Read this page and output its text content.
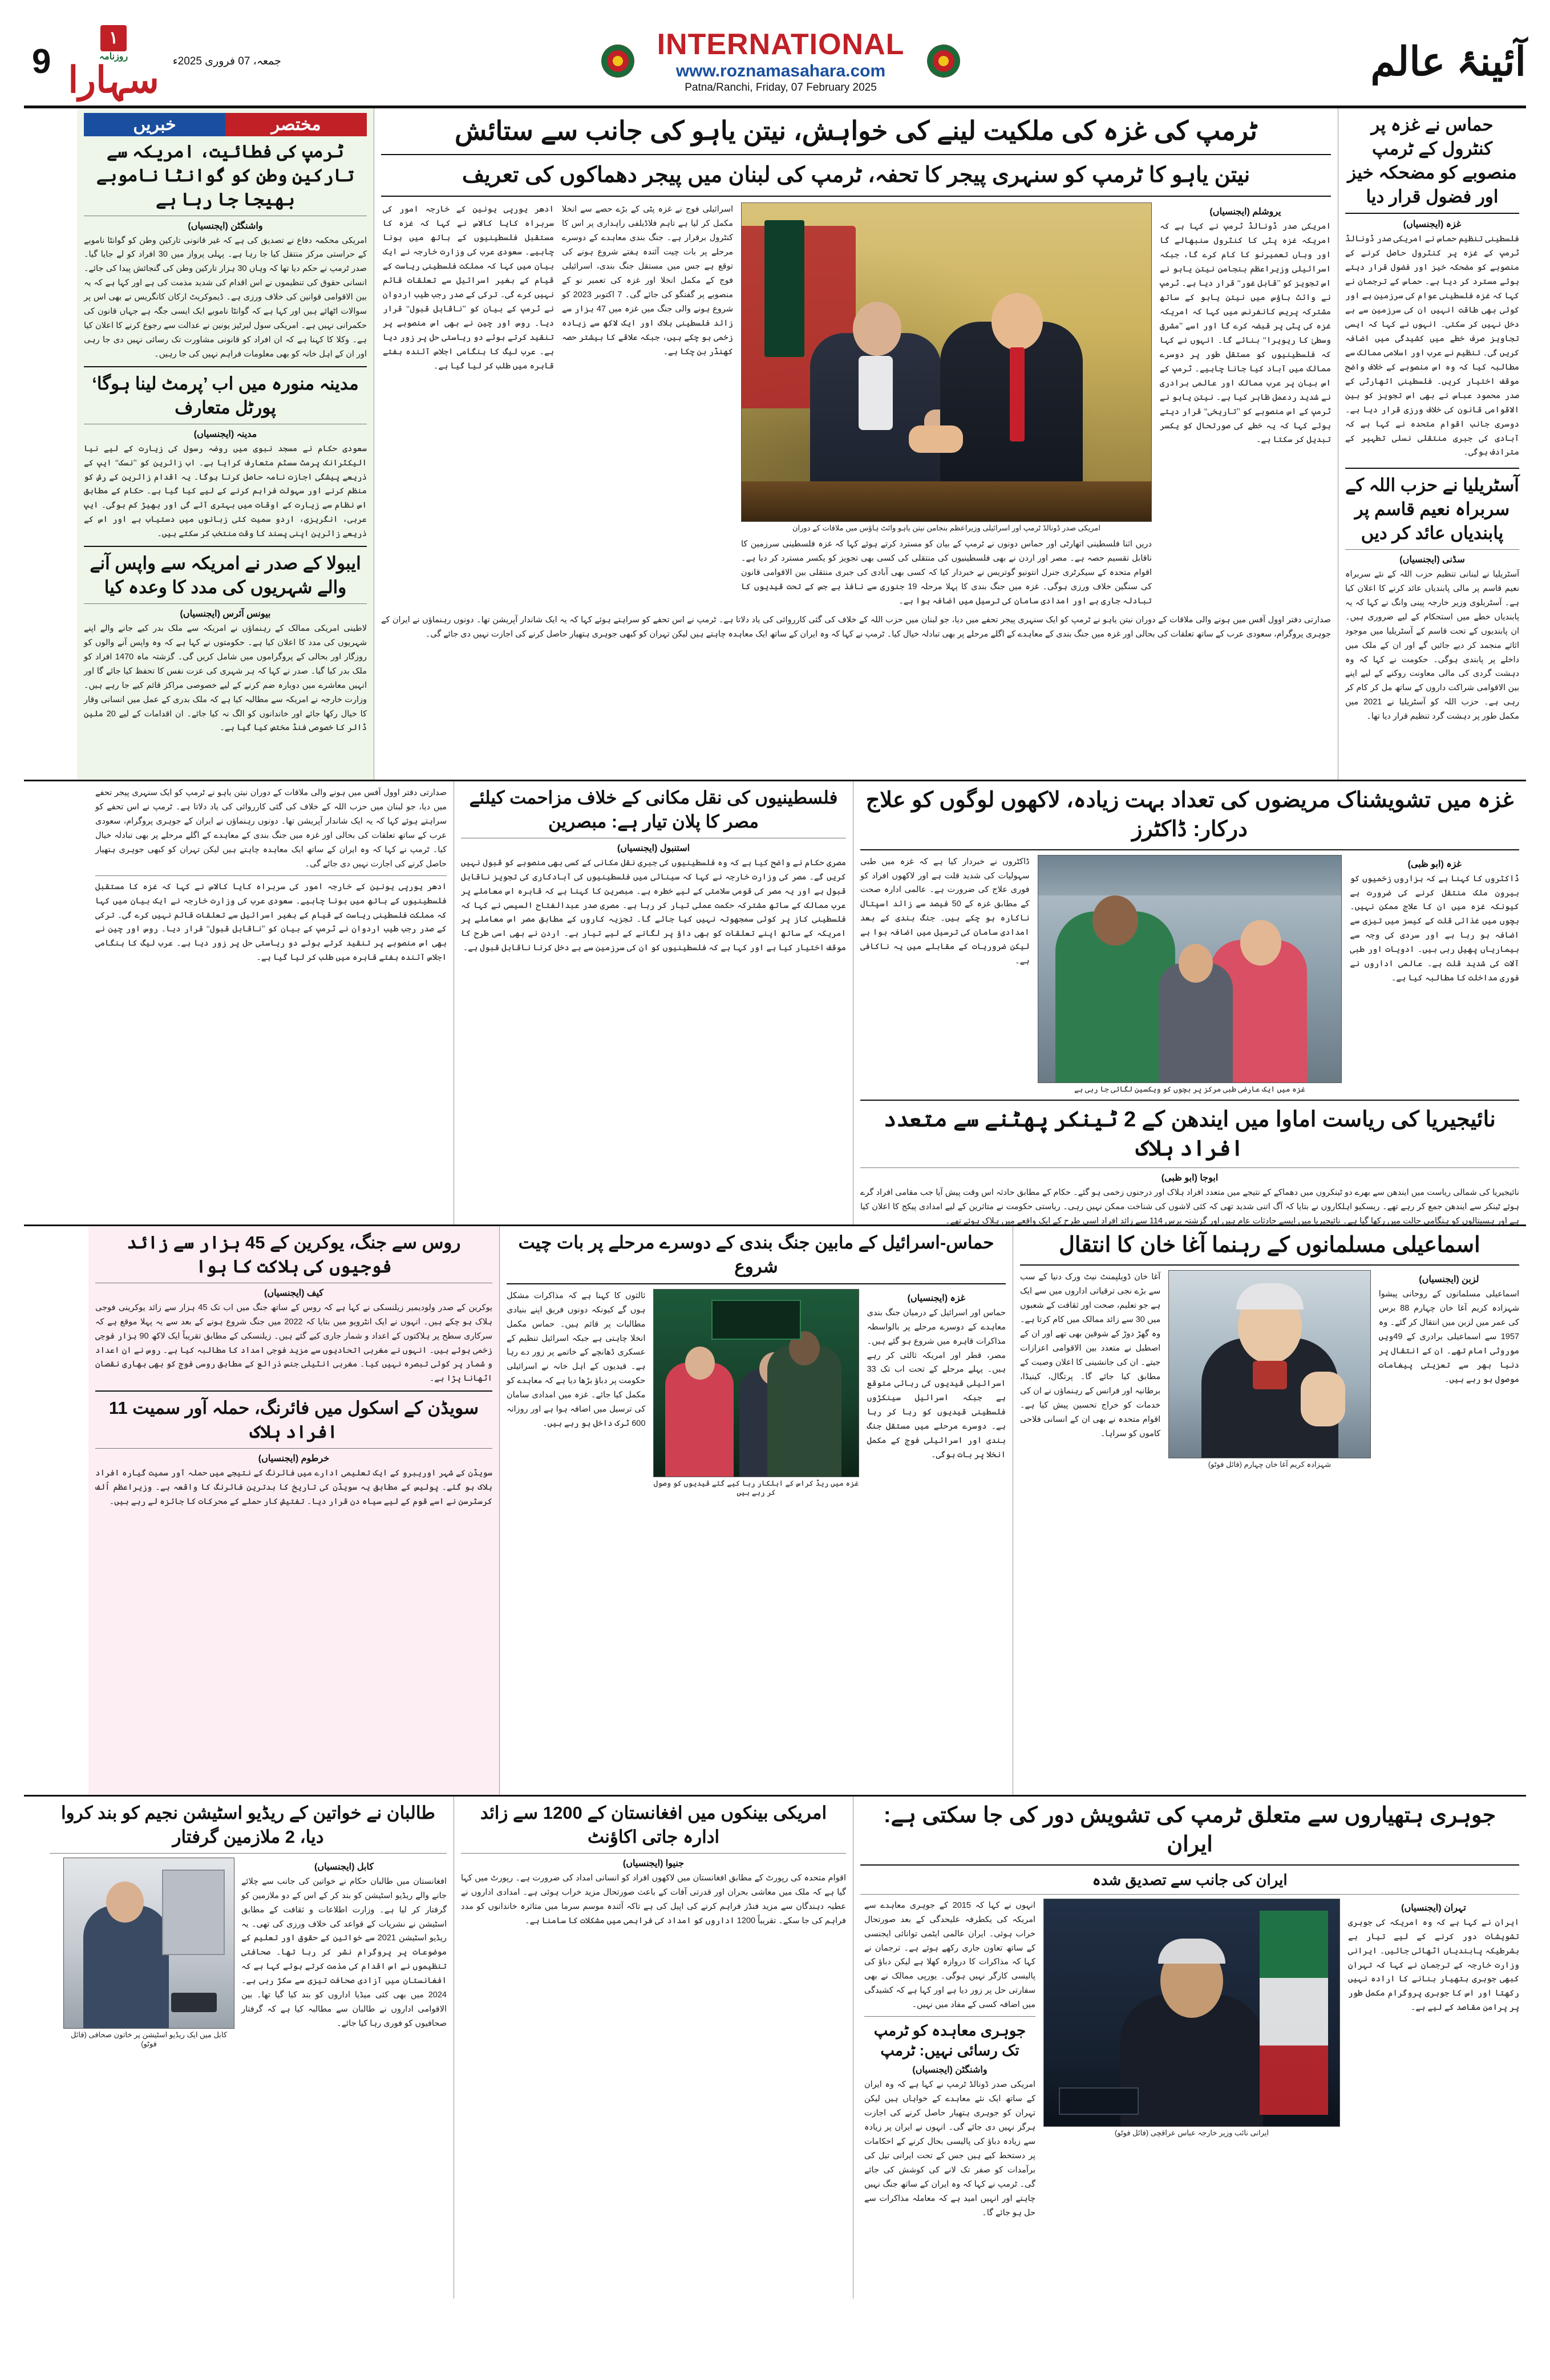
9
۱
روزنامہ
سہارا جمعہ، 07 فروری 2025ء
INTERNATIONAL
www.roznamasahara.com
Patna/Ranchi, Friday, 07 February 2025
آئینۂ عالم
حماس نے غزہ پر کنٹرول کے ٹرمپ منصوبے کو مضحکہ خیز اور فضول قرار دیا
غزہ (ایجنسیاں)
فلسطینی تنظیم حماس نے امریکی صدر ڈونالڈ ٹرمپ کے غزہ پر کنٹرول حاصل کرنے کے منصوبے کو مضحکہ خیز اور فضول قرار دیتے ہوئے مسترد کر دیا ہے۔ حماس کے ترجمان نے کہا کہ غزہ فلسطینی عوام کی سرزمین ہے اور کوئی بھی طاقت انہیں ان کی سرزمین سے بے دخل نہیں کر سکتی۔ انہوں نے کہا کہ ایسی تجاویز صرف خطے میں کشیدگی میں اضافہ کریں گی۔ تنظیم نے عرب اور اسلامی ممالک سے مطالبہ کیا کہ وہ اس منصوبے کے خلاف واضح موقف اختیار کریں۔ فلسطینی اتھارٹی کے صدر محمود عباس نے بھی اس تجویز کو بین الاقوامی قانون کی خلاف ورزی قرار دیا ہے۔ دوسری جانب اقوام متحدہ نے کہا ہے کہ آبادی کی جبری منتقلی نسلی تطہیر کے مترادف ہوگی۔
آسٹریلیا نے حزب اللہ کے سربراہ نعیم قاسم پر پابندیاں عائد کر دیں
سڈنی (ایجنسیاں)
آسٹریلیا نے لبنانی تنظیم حزب اللہ کے نئے سربراہ نعیم قاسم پر مالی پابندیاں عائد کرنے کا اعلان کیا ہے۔ آسٹریلوی وزیر خارجہ پینی وانگ نے کہا کہ یہ پابندیاں خطے میں استحکام کے لیے ضروری ہیں۔ ان پابندیوں کے تحت قاسم کے آسٹریلیا میں موجود اثاثے منجمد کر دیے جائیں گے اور ان کے ملک میں داخلے پر پابندی ہوگی۔ حکومت نے کہا کہ وہ دہشت گردی کی مالی معاونت روکنے کے لیے اپنے بین الاقوامی شراکت داروں کے ساتھ مل کر کام کر رہی ہے۔ حزب اللہ کو آسٹریلیا نے 2021 میں مکمل طور پر دہشت گرد تنظیم قرار دیا تھا۔
ٹرمپ کی غزہ کی ملکیت لینے کی خواہش، نیتن یاہو کی جانب سے ستائش
نیتن یاہو کا ٹرمپ کو سنہری پیجر کا تحفہ، ٹرمپ کی لبنان میں پیجر دھماکوں کی تعریف
یروشلم (ایجنسیاں)
امریکی صدر ڈونالڈ ٹرمپ نے کہا ہے کہ امریکہ غزہ پٹی کا کنٹرول سنبھالے گا اور وہاں تعمیرنو کا کام کرے گا، جبکہ اسرائیلی وزیراعظم بنجامن نیتن یاہو نے اس تجویز کو ’’قابل غور‘‘ قرار دیا ہے۔ ٹرمپ نے وائٹ ہاؤس میں نیتن یاہو کے ساتھ مشترکہ پریس کانفرنس میں کہا کہ امریکہ غزہ کی پٹی پر قبضہ کرے گا اور اسے ’’مشرق وسطیٰ کا ریویرا‘‘ بنائے گا۔ انہوں نے کہا کہ فلسطینیوں کو مستقل طور پر دوسرے ممالک میں آباد کیا جانا چاہیے۔ ٹرمپ کے اس بیان پر عرب ممالک اور عالمی برادری نے شدید ردعمل ظاہر کیا ہے۔ نیتن یاہو نے ٹرمپ کے اس منصوبے کو ’’تاریخی‘‘ قرار دیتے ہوئے کہا کہ یہ خطے کی صورتحال کو یکسر تبدیل کر سکتا ہے۔
امریکی صدر ڈونالڈ ٹرمپ اور اسرائیلی وزیراعظم بنجامن نیتن یاہو وائٹ ہاؤس میں ملاقات کے دوران
دریں اثنا فلسطینی اتھارٹی اور حماس دونوں نے ٹرمپ کے بیان کو مسترد کرتے ہوئے کہا کہ غزہ فلسطینی سرزمین کا ناقابل تقسیم حصہ ہے۔ مصر اور اردن نے بھی فلسطینیوں کی منتقلی کی کسی بھی تجویز کو یکسر مسترد کر دیا ہے۔ اقوام متحدہ کے سیکرٹری جنرل انتونیو گوتریس نے خبردار کیا کہ کسی بھی آبادی کی جبری منتقلی بین الاقوامی قانون کی سنگین خلاف ورزی ہوگی۔ غزہ میں جنگ بندی کا پہلا مرحلہ 19 جنوری سے نافذ ہے جس کے تحت قیدیوں کا تبادلہ جاری ہے اور امدادی سامان کی ترسیل میں اضافہ ہوا ہے۔
اسرائیلی فوج نے غزہ پٹی کے بڑے حصے سے انخلا مکمل کر لیا ہے تاہم فلاڈیلفی راہداری پر اس کا کنٹرول برقرار ہے۔ جنگ بندی معاہدے کے دوسرے مرحلے پر بات چیت آئندہ ہفتے شروع ہونے کی توقع ہے جس میں مستقل جنگ بندی، اسرائیلی فوج کے مکمل انخلا اور غزہ کی تعمیر نو کے منصوبے پر گفتگو کی جائے گی۔ 7 اکتوبر 2023 کو شروع ہونے والی جنگ میں غزہ میں 47 ہزار سے زائد فلسطینی ہلاک اور ایک لاکھ سے زیادہ زخمی ہو چکے ہیں، جبکہ علاقے کا بیشتر حصہ کھنڈر بن چکا ہے۔
ادھر یورپی یونین کے خارجہ امور کی سربراہ کایا کالاس نے کہا کہ غزہ کا مستقبل فلسطینیوں کے ہاتھ میں ہونا چاہیے۔ سعودی عرب کی وزارت خارجہ نے ایک بیان میں کہا کہ مملکت فلسطینی ریاست کے قیام کے بغیر اسرائیل سے تعلقات قائم نہیں کرے گی۔ ترکی کے صدر رجب طیب اردوان نے ٹرمپ کے بیان کو ’’ناقابل قبول‘‘ قرار دیا۔ روس اور چین نے بھی اس منصوبے پر تنقید کرتے ہوئے دو ریاستی حل پر زور دیا ہے۔ عرب لیگ کا ہنگامی اجلاس آئندہ ہفتے قاہرہ میں طلب کر لیا گیا ہے۔
صدارتی دفتر اوول آفس میں ہونے والی ملاقات کے دوران نیتن یاہو نے ٹرمپ کو ایک سنہری پیجر تحفے میں دیا، جو لبنان میں حزب اللہ کے خلاف کی گئی کارروائی کی یاد دلاتا ہے۔ ٹرمپ نے اس تحفے کو سراہتے ہوئے کہا کہ یہ ایک شاندار آپریشن تھا۔ دونوں رہنماؤں نے ایران کے جوہری پروگرام، سعودی عرب کے ساتھ تعلقات کی بحالی اور غزہ میں جنگ بندی کے معاہدے کے اگلے مرحلے پر بھی تبادلہ خیال کیا۔ ٹرمپ نے کہا کہ وہ ایران کے ساتھ ایک معاہدہ چاہتے ہیں لیکن تہران کو کبھی جوہری ہتھیار حاصل کرنے کی اجازت نہیں دی جائے گی۔
مختصر
خبریں
ٹرمپ کی فطائیت، امریکہ سے تارکین وطن کو گوانٹا ناموبے بھیجا جا رہا ہے
واشنگٹن (ایجنسیاں)
امریکی محکمہ دفاع نے تصدیق کی ہے کہ غیر قانونی تارکین وطن کو گوانٹا ناموبے کے حراستی مرکز منتقل کیا جا رہا ہے۔ پہلی پرواز میں 30 افراد کو لے جایا گیا۔ صدر ٹرمپ نے حکم دیا تھا کہ وہاں 30 ہزار تارکین وطن کی گنجائش پیدا کی جائے۔ انسانی حقوق کی تنظیموں نے اس اقدام کی شدید مذمت کی ہے اور کہا ہے کہ یہ بین الاقوامی قوانین کی خلاف ورزی ہے۔ ڈیموکریٹ ارکان کانگریس نے بھی اس پر سوالات اٹھائے ہیں اور کہا ہے کہ گوانٹا ناموبے ایک ایسی جگہ ہے جہاں قانون کی حکمرانی نہیں ہے۔ امریکی سول لبرٹیز یونین نے عدالت سے رجوع کرنے کا اعلان کیا ہے۔ وکلا کا کہنا ہے کہ ان افراد کو قانونی مشاورت تک رسائی نہیں دی جا رہی اور ان کے اہل خانہ کو بھی معلومات فراہم نہیں کی جا رہیں۔
مدینہ منورہ میں اب ’پرمٹ لینا ہوگا‘ پورٹل متعارف
مدینہ (ایجنسیاں)
سعودی حکام نے مسجد نبوی میں روضہ رسول کی زیارت کے لیے نیا الیکٹرانک پرمٹ سسٹم متعارف کرایا ہے۔ اب زائرین کو ’’نسک‘‘ ایپ کے ذریعے پیشگی اجازت نامہ حاصل کرنا ہوگا۔ یہ اقدام زائرین کے رش کو منظم کرنے اور سہولت فراہم کرنے کے لیے کیا گیا ہے۔ حکام کے مطابق اس نظام سے زیارت کے اوقات میں بہتری آئے گی اور بھیڑ کم ہوگی۔ ایپ عربی، انگریزی، اردو سمیت کئی زبانوں میں دستیاب ہے اور اس کے ذریعے زائرین اپنی پسند کا وقت منتخب کر سکتے ہیں۔
ایبولا کے صدر نے امریکہ سے واپس آنے والے شہریوں کی مدد کا وعدہ کیا
بیونس آئرس (ایجنسیاں)
لاطینی امریکی ممالک کے رہنماؤں نے امریکہ سے ملک بدر کیے جانے والے اپنے شہریوں کی مدد کا اعلان کیا ہے۔ حکومتوں نے کہا ہے کہ وہ واپس آنے والوں کو روزگار اور بحالی کے پروگراموں میں شامل کریں گی۔ گزشتہ ماہ 1470 افراد کو ملک بدر کیا گیا۔ صدر نے کہا کہ ہر شہری کی عزت نفس کا تحفظ کیا جائے گا اور انہیں معاشرے میں دوبارہ ضم کرنے کے لیے خصوصی مراکز قائم کیے جا رہے ہیں۔ وزارت خارجہ نے امریکہ سے مطالبہ کیا ہے کہ ملک بدری کے عمل میں انسانی وقار کا خیال رکھا جائے اور خاندانوں کو الگ نہ کیا جائے۔ ان اقدامات کے لیے 20 ملین ڈالر کا خصوصی فنڈ مختص کیا گیا ہے۔
غزہ میں تشویشناک مریضوں کی تعداد بہت زیادہ، لاکھوں لوگوں کو علاج درکار: ڈاکٹرز
غزہ (ابو ظبی)
ڈاکٹروں کا کہنا ہے کہ ہزاروں زخمیوں کو بیرون ملک منتقل کرنے کی ضرورت ہے کیونکہ غزہ میں ان کا علاج ممکن نہیں۔ بچوں میں غذائی قلت کے کیسز میں تیزی سے اضافہ ہو رہا ہے اور سردی کی وجہ سے بیماریاں پھیل رہی ہیں۔ ادویات اور طبی آلات کی شدید قلت ہے۔ عالمی اداروں نے فوری مداخلت کا مطالبہ کیا ہے۔
غزہ میں ایک عارضی طبی مرکز پر بچوں کو ویکسین لگائی جا رہی ہے
ڈاکٹروں نے خبردار کیا ہے کہ غزہ میں طبی سہولیات کی شدید قلت ہے اور لاکھوں افراد کو فوری علاج کی ضرورت ہے۔ عالمی ادارہ صحت کے مطابق غزہ کے 50 فیصد سے زائد اسپتال ناکارہ ہو چکے ہیں۔ جنگ بندی کے بعد امدادی سامان کی ترسیل میں اضافہ ہوا ہے لیکن ضروریات کے مقابلے میں یہ ناکافی ہے۔
نائیجیریا کی ریاست اماوا میں ایندھن کے 2 ٹینکر پھٹنے سے متعدد افراد ہلاک
ابوجا (ابو ظبی)
نائیجیریا کی شمالی ریاست میں ایندھن سے بھرے دو ٹینکروں میں دھماکے کے نتیجے میں متعدد افراد ہلاک اور درجنوں زخمی ہو گئے۔ حکام کے مطابق حادثہ اس وقت پیش آیا جب مقامی افراد گرے ہوئے ٹینکر سے ایندھن جمع کر رہے تھے۔ ریسکیو اہلکاروں نے بتایا کہ آگ اتنی شدید تھی کہ کئی لاشوں کی شناخت ممکن نہیں رہی۔ ریاستی حکومت نے متاثرین کے لیے امدادی پیکج کا اعلان کیا ہے اور ہسپتالوں کو ہنگامی حالت میں رکھا گیا ہے۔ نائیجیریا میں ایسے حادثات عام ہیں اور گزشتہ برس 114 سے زائد افراد اسی طرح کے ایک واقعے میں ہلاک ہوئے تھے۔
فلسطینیوں کی نقل مکانی کے خلاف مزاحمت کیلئے مصر کا پلان تیار ہے: مبصرین
استنبول (ایجنسیاں)
مصری حکام نے واضح کیا ہے کہ وہ فلسطینیوں کی جبری نقل مکانی کے کسی بھی منصوبے کو قبول نہیں کریں گے۔ مصر کی وزارت خارجہ نے کہا کہ سینائی میں فلسطینیوں کی آبادکاری کی تجویز ناقابل قبول ہے اور یہ مصر کی قومی سلامتی کے لیے خطرہ ہے۔ مبصرین کا کہنا ہے کہ قاہرہ اس معاملے پر عرب ممالک کے ساتھ مشترکہ حکمت عملی تیار کر رہا ہے۔ مصری صدر عبدالفتاح السیسی نے کہا کہ فلسطینی کاز پر کوئی سمجھوتہ نہیں کیا جائے گا۔ تجزیہ کاروں کے مطابق مصر اس معاملے پر امریکہ کے ساتھ اپنے تعلقات کو بھی داؤ پر لگانے کے لیے تیار ہے۔ اردن نے بھی اسی طرح کا موقف اختیار کیا ہے اور کہا ہے کہ فلسطینیوں کو ان کی سرزمین سے بے دخل کرنا ناقابل قبول ہے۔
صدارتی دفتر اوول آفس میں ہونے والی ملاقات کے دوران نیتن یاہو نے ٹرمپ کو ایک سنہری پیجر تحفے میں دیا، جو لبنان میں حزب اللہ کے خلاف کی گئی کارروائی کی یاد دلاتا ہے۔ ٹرمپ نے اس تحفے کو سراہتے ہوئے کہا کہ یہ ایک شاندار آپریشن تھا۔ دونوں رہنماؤں نے ایران کے جوہری پروگرام، سعودی عرب کے ساتھ تعلقات کی بحالی اور غزہ میں جنگ بندی کے معاہدے کے اگلے مرحلے پر بھی تبادلہ خیال کیا۔ ٹرمپ نے کہا کہ وہ ایران کے ساتھ ایک معاہدہ چاہتے ہیں لیکن تہران کو کبھی جوہری ہتھیار حاصل کرنے کی اجازت نہیں دی جائے گی۔
ادھر یورپی یونین کے خارجہ امور کی سربراہ کایا کالاس نے کہا کہ غزہ کا مستقبل فلسطینیوں کے ہاتھ میں ہونا چاہیے۔ سعودی عرب کی وزارت خارجہ نے ایک بیان میں کہا کہ مملکت فلسطینی ریاست کے قیام کے بغیر اسرائیل سے تعلقات قائم نہیں کرے گی۔ ترکی کے صدر رجب طیب اردوان نے ٹرمپ کے بیان کو ’’ناقابل قبول‘‘ قرار دیا۔ روس اور چین نے بھی اس منصوبے پر تنقید کرتے ہوئے دو ریاستی حل پر زور دیا ہے۔ عرب لیگ کا ہنگامی اجلاس آئندہ ہفتے قاہرہ میں طلب کر لیا گیا ہے۔
اسماعیلی مسلمانوں کے رہنما آغا خان کا انتقال
لزبن (ایجنسیاں)
اسماعیلی مسلمانوں کے روحانی پیشوا شہزادہ کریم آغا خان چہارم 88 برس کی عمر میں لزبن میں انتقال کر گئے۔ وہ 1957 سے اسماعیلی برادری کے 49ویں موروثی امام تھے۔ ان کے انتقال پر دنیا بھر سے تعزیتی پیغامات موصول ہو رہے ہیں۔
شہزادہ کریم آغا خان چہارم (فائل فوٹو)
آغا خان ڈویلپمنٹ نیٹ ورک دنیا کے سب سے بڑے نجی ترقیاتی اداروں میں سے ایک ہے جو تعلیم، صحت اور ثقافت کے شعبوں میں 30 سے زائد ممالک میں کام کرتا ہے۔ وہ گھڑ دوڑ کے شوقین بھی تھے اور ان کے اصطبل نے متعدد بین الاقوامی اعزازات جیتے۔ ان کی جانشینی کا اعلان وصیت کے مطابق کیا جائے گا۔ پرتگال، کینیڈا، برطانیہ اور فرانس کے رہنماؤں نے ان کی خدمات کو خراج تحسین پیش کیا ہے۔ اقوام متحدہ نے بھی ان کے انسانی فلاحی کاموں کو سراہا۔
حماس-اسرائیل کے مابین جنگ بندی کے دوسرے مرحلے پر بات چیت شروع
غزہ (ایجنسیاں)
حماس اور اسرائیل کے درمیان جنگ بندی معاہدے کے دوسرے مرحلے پر بالواسطہ مذاکرات قاہرہ میں شروع ہو گئے ہیں۔ مصر، قطر اور امریکہ ثالثی کر رہے ہیں۔ پہلے مرحلے کے تحت اب تک 33 اسرائیلی قیدیوں کی رہائی متوقع ہے جبکہ اسرائیل سینکڑوں فلسطینی قیدیوں کو رہا کر رہا ہے۔ دوسرے مرحلے میں مستقل جنگ بندی اور اسرائیلی فوج کے مکمل انخلا پر بات ہوگی۔
غزہ میں ریڈ کراس کے اہلکار رہا کیے گئے قیدیوں کو وصول کر رہے ہیں
ثالثوں کا کہنا ہے کہ مذاکرات مشکل ہوں گے کیونکہ دونوں فریق اپنے بنیادی مطالبات پر قائم ہیں۔ حماس مکمل انخلا چاہتی ہے جبکہ اسرائیل تنظیم کے عسکری ڈھانچے کے خاتمے پر زور دے رہا ہے۔ قیدیوں کے اہل خانہ نے اسرائیلی حکومت پر دباؤ بڑھا دیا ہے کہ معاہدے کو مکمل کیا جائے۔ غزہ میں امدادی سامان کی ترسیل میں اضافہ ہوا ہے اور روزانہ 600 ٹرک داخل ہو رہے ہیں۔
روس سے جنگ، یوکرین کے 45 ہزار سے زائد فوجیوں کی ہلاکت کا ہوا
کیف (ایجنسیاں)
یوکرین کے صدر ولودیمیر زیلنسکی نے کہا ہے کہ روس کے ساتھ جنگ میں اب تک 45 ہزار سے زائد یوکرینی فوجی ہلاک ہو چکے ہیں۔ انہوں نے ایک انٹرویو میں بتایا کہ 2022 میں جنگ شروع ہونے کے بعد سے یہ پہلا موقع ہے کہ سرکاری سطح پر ہلاکتوں کے اعداد و شمار جاری کیے گئے ہیں۔ زیلنسکی کے مطابق تقریباً ایک لاکھ 90 ہزار فوجی زخمی ہوئے ہیں۔ انہوں نے مغربی اتحادیوں سے مزید فوجی امداد کا مطالبہ کیا ہے۔ روس نے ان اعداد و شمار پر کوئی تبصرہ نہیں کیا۔ مغربی انٹیلی جنس ذرائع کے مطابق روسی فوج کو بھی بھاری نقصان اٹھانا پڑا ہے۔
سویڈن کے اسکول میں فائرنگ، حملہ آور سمیت 11 افراد ہلاک
خرطوم (ایجنسیاں)
سویڈن کے شہر اوریبرو کے ایک تعلیمی ادارے میں فائرنگ کے نتیجے میں حملہ آور سمیت گیارہ افراد ہلاک ہو گئے۔ پولیس کے مطابق یہ سویڈن کی تاریخ کا بدترین فائرنگ کا واقعہ ہے۔ وزیراعظم اُلف کرسٹرسن نے اسے قوم کے لیے سیاہ دن قرار دیا۔ تفتیش کار حملے کے محرکات کا جائزہ لے رہے ہیں۔
جوہری ہتھیاروں سے متعلق ٹرمپ کی تشویش دور کی جا سکتی ہے: ایران
ایران کی جانب سے تصدیق شدہ
تہران (ایجنسیاں)
ایران نے کہا ہے کہ وہ امریکہ کی جوہری تشویشات دور کرنے کے لیے تیار ہے بشرطیکہ پابندیاں اٹھائی جائیں۔ ایرانی وزارت خارجہ کے ترجمان نے کہا کہ تہران کبھی جوہری ہتھیار بنانے کا ارادہ نہیں رکھتا اور اس کا جوہری پروگرام مکمل طور پر پرامن مقاصد کے لیے ہے۔
ایرانی نائب وزیر خارجہ عباس عراقچی (فائل فوٹو)
انہوں نے کہا کہ 2015 کے جوہری معاہدے سے امریکہ کی یکطرفہ علیحدگی کے بعد صورتحال خراب ہوئی۔ ایران عالمی ایٹمی توانائی ایجنسی کے ساتھ تعاون جاری رکھے ہوئے ہے۔ ترجمان نے کہا کہ مذاکرات کا دروازہ کھلا ہے لیکن دباؤ کی پالیسی کارگر نہیں ہوگی۔ یورپی ممالک نے بھی سفارتی حل پر زور دیا ہے اور کہا ہے کہ کشیدگی میں اضافہ کسی کے مفاد میں نہیں۔
جوہری معاہدہ کو ٹرمپ تک رسائی نہیں: ٹرمپ
واشنگٹن (ایجنسیاں)
امریکی صدر ڈونالڈ ٹرمپ نے کہا ہے کہ وہ ایران کے ساتھ ایک نئے معاہدے کے خواہاں ہیں لیکن تہران کو جوہری ہتھیار حاصل کرنے کی اجازت ہرگز نہیں دی جائے گی۔ انہوں نے ایران پر زیادہ سے زیادہ دباؤ کی پالیسی بحال کرنے کے احکامات پر دستخط کیے ہیں جس کے تحت ایرانی تیل کی برآمدات کو صفر تک لانے کی کوشش کی جائے گی۔ ٹرمپ نے کہا کہ وہ ایران کے ساتھ جنگ نہیں چاہتے اور انہیں امید ہے کہ معاملہ مذاکرات سے حل ہو جائے گا۔
امریکی بینکوں میں افغانستان کے 1200 سے زائد ادارہ جاتی اکاؤنٹ
جنیوا (ایجنسیاں)
اقوام متحدہ کی رپورٹ کے مطابق افغانستان میں لاکھوں افراد کو انسانی امداد کی ضرورت ہے۔ رپورٹ میں کہا گیا ہے کہ ملک میں معاشی بحران اور قدرتی آفات کے باعث صورتحال مزید خراب ہوئی ہے۔ امدادی اداروں نے عطیہ دہندگان سے مزید فنڈز فراہم کرنے کی اپیل کی ہے تاکہ آئندہ موسم سرما میں متاثرہ خاندانوں کو مدد فراہم کی جا سکے۔ تقریباً 1200 اداروں کو امداد کی فراہمی میں مشکلات کا سامنا ہے۔
طالبان نے خواتین کے ریڈیو اسٹیشن نجیم کو بند کروا دیا، 2 ملازمین گرفتار
کابل (ایجنسیاں)
افغانستان میں طالبان حکام نے خواتین کی جانب سے چلائے جانے والے ریڈیو اسٹیشن کو بند کر کے اس کے دو ملازمین کو گرفتار کر لیا ہے۔ وزارت اطلاعات و ثقافت کے مطابق اسٹیشن نے نشریات کے قواعد کی خلاف ورزی کی تھی۔ یہ ریڈیو اسٹیشن 2021 سے خواتین کے حقوق اور تعلیم کے موضوعات پر پروگرام نشر کر رہا تھا۔ صحافتی تنظیموں نے اس اقدام کی مذمت کرتے ہوئے کہا ہے کہ افغانستان میں آزادی صحافت تیزی سے سکڑ رہی ہے۔ 2024 میں بھی کئی میڈیا اداروں کو بند کیا گیا تھا۔ بین الاقوامی اداروں نے طالبان سے مطالبہ کیا ہے کہ گرفتار صحافیوں کو فوری رہا کیا جائے۔
کابل میں ایک ریڈیو اسٹیشن پر خاتون صحافی (فائل فوٹو)
